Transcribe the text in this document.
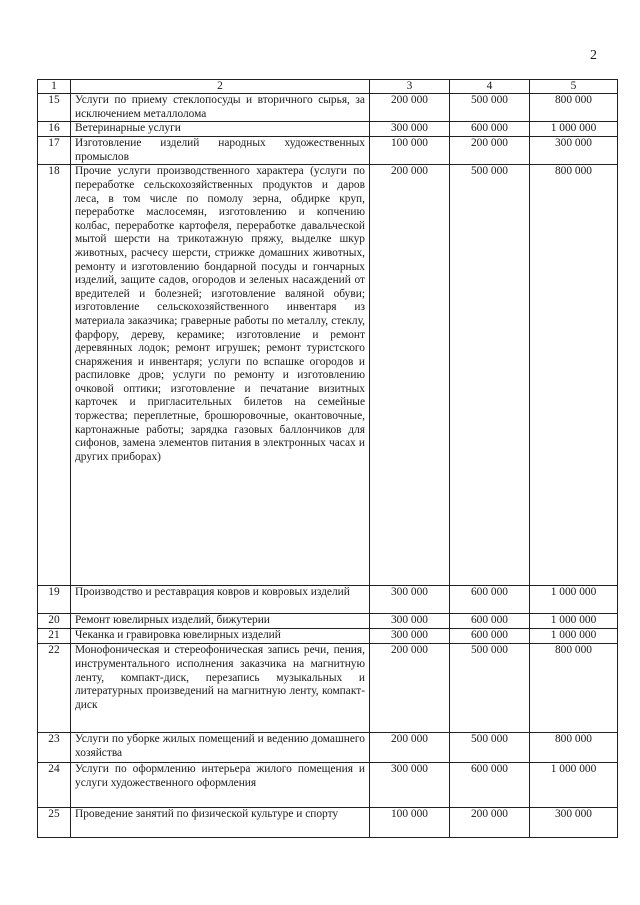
2
1	2	3	4	5
15	Услуги по приему стеклопосуды и вторичного сырья, за исключением металлолома	200 000	500 000	800 000
16	Ветеринарные услуги	300 000	600 000	1 000 000
17	Изготовление изделий народных художественных промыслов	100 000	200 000	300 000
18	Прочие услуги производственного характера (услуги по переработке сельскохозяйственных продуктов и даров леса, в том числе по помолу зерна, обдирке круп, переработке маслосемян, изготовлению и копчению колбас, переработке картофеля, переработке давальческой мытой шерсти на трикотажную пряжу, выделке шкур животных, расчесу шерсти, стрижке домашних животных, ремонту и изготовлению бондарной посуды и гончарных изделий, защите садов, огородов и зеленых насаждений от вредителей и болезней; изготовление валяной обуви; изготовление сельскохозяйственного инвентаря из материала заказчика; граверные работы по металлу, стеклу, фарфору, дереву, керамике; изготовление и ремонт деревянных лодок; ремонт игрушек; ремонт туристского снаряжения и инвентаря; услуги по вспашке огородов и распиловке дров; услуги по ремонту и изготовлению очковой оптики; изготовление и печатание визитных карточек и пригласительных билетов на семейные торжества; переплетные, брошюровочные, окантовочные, картонажные работы; зарядка газовых баллончиков для сифонов, замена элементов питания в электронных часах и других приборах)	200 000	500 000	800 000
19	Производство и реставрация ковров и ковровых изделий	300 000	600 000	1 000 000
20	Ремонт ювелирных изделий, бижутерии	300 000	600 000	1 000 000
21	Чеканка и гравировка ювелирных изделий	300 000	600 000	1 000 000
22	Монофоническая и стереофоническая запись речи, пения, инструментального исполнения заказчика на магнитную ленту, компакт-диск, перезапись музыкальных и литературных произведений на магнитную ленту, компакт-диск	200 000	500 000	800 000
23	Услуги по уборке жилых помещений и ведению домашнего хозяйства	200 000	500 000	800 000
24	Услуги по оформлению интерьера жилого помещения и услуги художественного оформления	300 000	600 000	1 000 000
25	Проведение занятий по физической культуре и спорту	100 000	200 000	300 000
